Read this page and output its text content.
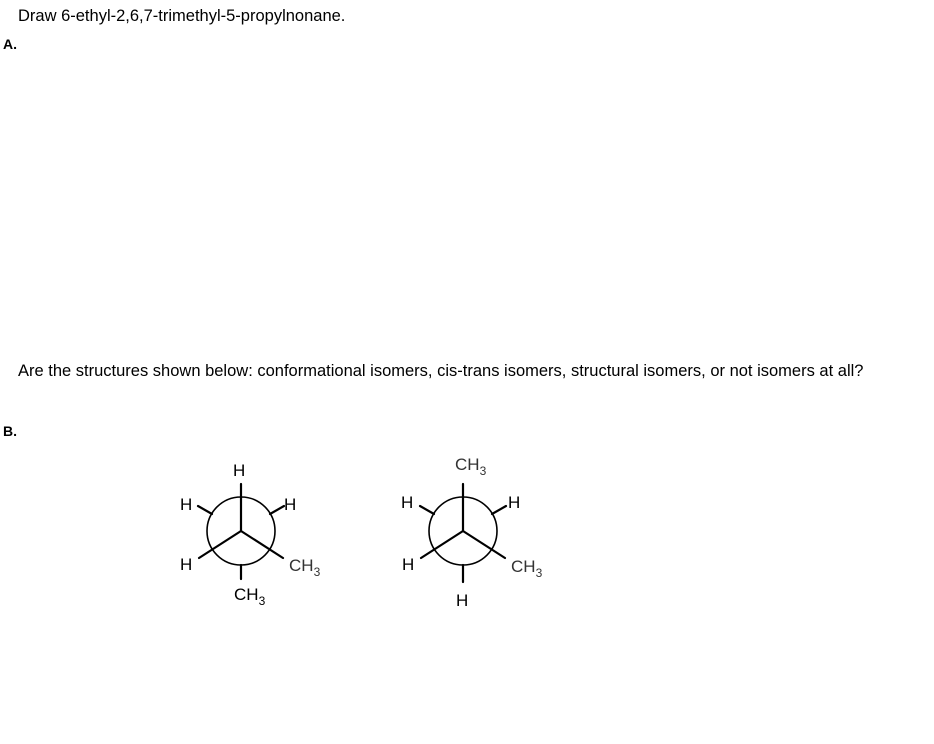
Draw 6-ethyl-2,6,7-trimethyl-5-propylnonane.
A.

Are the structures shown below: conformational isomers, cis-trans isomers, structural isomers, or not isomers at all?

B.
H
H	H
H	$CH_3$
$CH_3$
$CH_3$
H	H
H	$CH_3$
H
